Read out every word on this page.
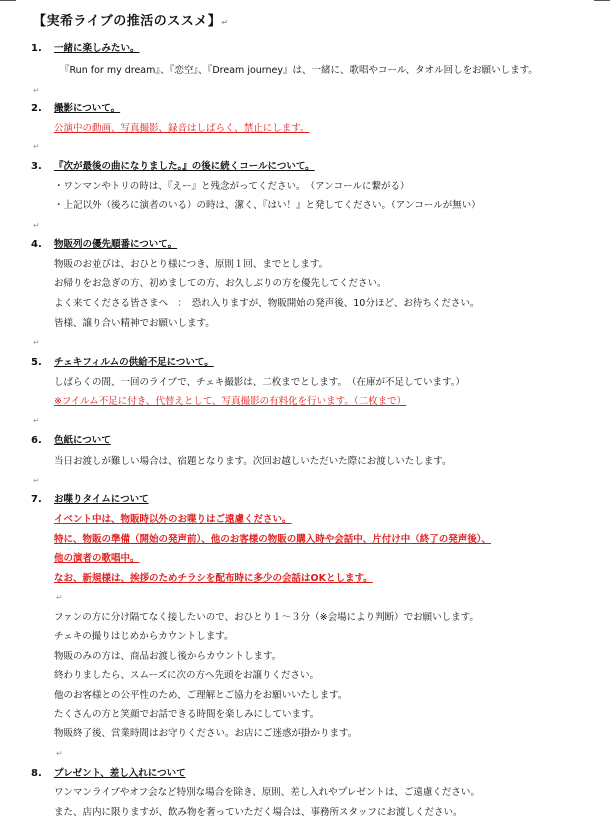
【実希ライブの推活のススメ】↵
1. 一緒に楽しみたい。
『Run for my dream』、『恋空』、『Dream journey』は、一緒に、歌唱やコール、タオル回しをお願いします。
↵
2. 撮影について。
公演中の動画、写真撮影、録音はしばらく、禁止にします。
↵
3. 『次が最後の曲になりました。』の後に続くコールについて。
・ワンマンやトリの時は、『えー』と残念がってください。　（アンコールに繋がる）
・上記以外（後ろに演者のいる）の時は、潔く、『はい！』と発してください。（アンコールが無い）
↵
4. 物販列の優先順番について。
物販のお並びは、おひとり様につき、原則１回、までとします。
お帰りをお急ぎの方、初めましての方、お久しぶりの方を優先してください。
よく来てくださる皆さまへ　：　恐れ入りますが、物販開始の発声後、10分ほど、お待ちください。
皆様、譲り合い精神でお願いします。
↵
5. チェキフィルムの供給不足について。
しばらくの間、一回のライブで、チェキ撮影は、二枚までとします。　（在庫が不足しています。）
※フイルム不足に付き、代替えとして、写真撮影の有料化を行います。（二枚まで）
↵
6. 色紙について
当日お渡しが難しい場合は、宿題となります。次回お越しいただいた際にお渡しいたします。
↵
7. お喋りタイムについて
イベント中は、物販時以外のお喋りはご遠慮ください。
特に、物販の準備（開始の発声前）、他のお客様の物販の購入時や会話中、片付け中（終了の発声後）、
他の演者の歌唱中。
なお、新規様は、挨拶のためチラシを配布時に多少の会話はOKとします。
↵
ファンの方に分け隔てなく接したいので、おひとり１～３分（※会場により判断）でお願いします。
チェキの撮りはじめからカウントします。
物販のみの方は、商品お渡し後からカウントします。
終わりましたら、スムーズに次の方へ先頭をお譲りください。
他のお客様との公平性のため、ご理解とご協力をお願いいたします。
たくさんの方と笑顔でお話できる時間を楽しみにしています。
物販終了後、営業時間はお守りください。お店にご迷惑が掛かります。
↵
8. プレゼント、差し入れについて
ワンマンライブやオフ会など特別な場合を除き、原則、差し入れやプレゼントは、ご遠慮ください。
また、店内に限りますが、飲み物を奢っていただく場合は、事務所スタッフにお渡しください。
